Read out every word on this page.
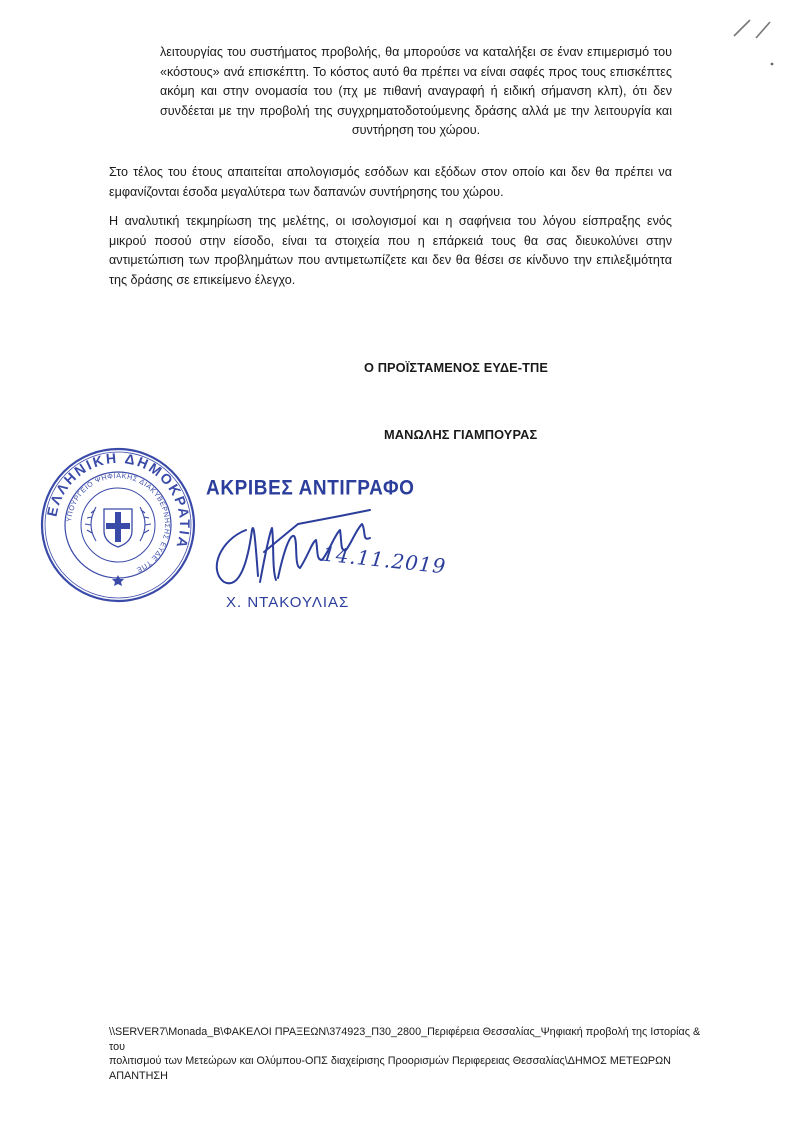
λειτουργίας του συστήματος προβολής, θα μπορούσε να καταλήξει σε έναν επιμερισμό του
«κόστους» ανά επισκέπτη. Το κόστος αυτό θα πρέπει να είναι σαφές προς τους επισκέπτες
ακόμη και στην ονομασία του (πχ με πιθανή αναγραφή ή ειδική σήμανση κλπ), ότι δεν
συνδέεται με την προβολή της συγχρηματοδοτούμενης δράσης αλλά με την λειτουργία και
συντήρηση του χώρου.

Στο τέλος του έτους απαιτείται απολογισμός εσόδων και εξόδων στον οποίο και δεν θα πρέπει να
εμφανίζονται έσοδα μεγαλύτερα των δαπανών συντήρησης του χώρου.

Η αναλυτική τεκμηρίωση της μελέτης, οι ισολογισμοί και η σαφήνεια του λόγου είσπραξης ενός
μικρού ποσού στην είσοδο, είναι τα στοιχεία που η επάρκειά τους θα σας διευκολύνει στην
αντιμετώπιση των προβλημάτων που αντιμετωπίζετε και δεν θα θέσει σε κίνδυνο την επιλεξιμότητα
της δράσης σε επικείμενο έλεγχο.

Ο ΠΡΟΪΣΤΑΜΕΝΟΣ ΕΥΔΕ-ΤΠΕ
ΜΑΝΩΛΗΣ ΓΙΑΜΠΟΥΡΑΣ
ΕΛΛΗΝΙΚΗ ΔΗΜΟΚΡΑΤΙΑ
ΥΠΟΥΡΓΕΙΟ ΨΗΦΙΑΚΗΣ ΔΙΑΚΥΒΕΡΝΗΣΗΣ ΕΥΔΕ ΤΠΕ
ΑΚΡΙΒΕΣ ΑΝΤΙΓΡΑΦΟ
14.11.2019
Χ. ΝΤΑΚΟΥΛΙΑΣ
\\SERVER7\Monada_B\ΦΑΚΕΛΟΙ ΠΡΑΞΕΩΝ\374923_Π30_2800_Περιφέρεια Θεσσαλίας_Ψηφιακή προβολή της Ιστορίας & του
πολιτισμού των Μετεώρων και Ολύμπου-ΟΠΣ διαχείρισης Προορισμών Περιφερειας Θεσσαλίας\ΔΗΜΟΣ ΜΕΤΕΩΡΩΝ
ΑΠΑΝΤΗΣΗ
